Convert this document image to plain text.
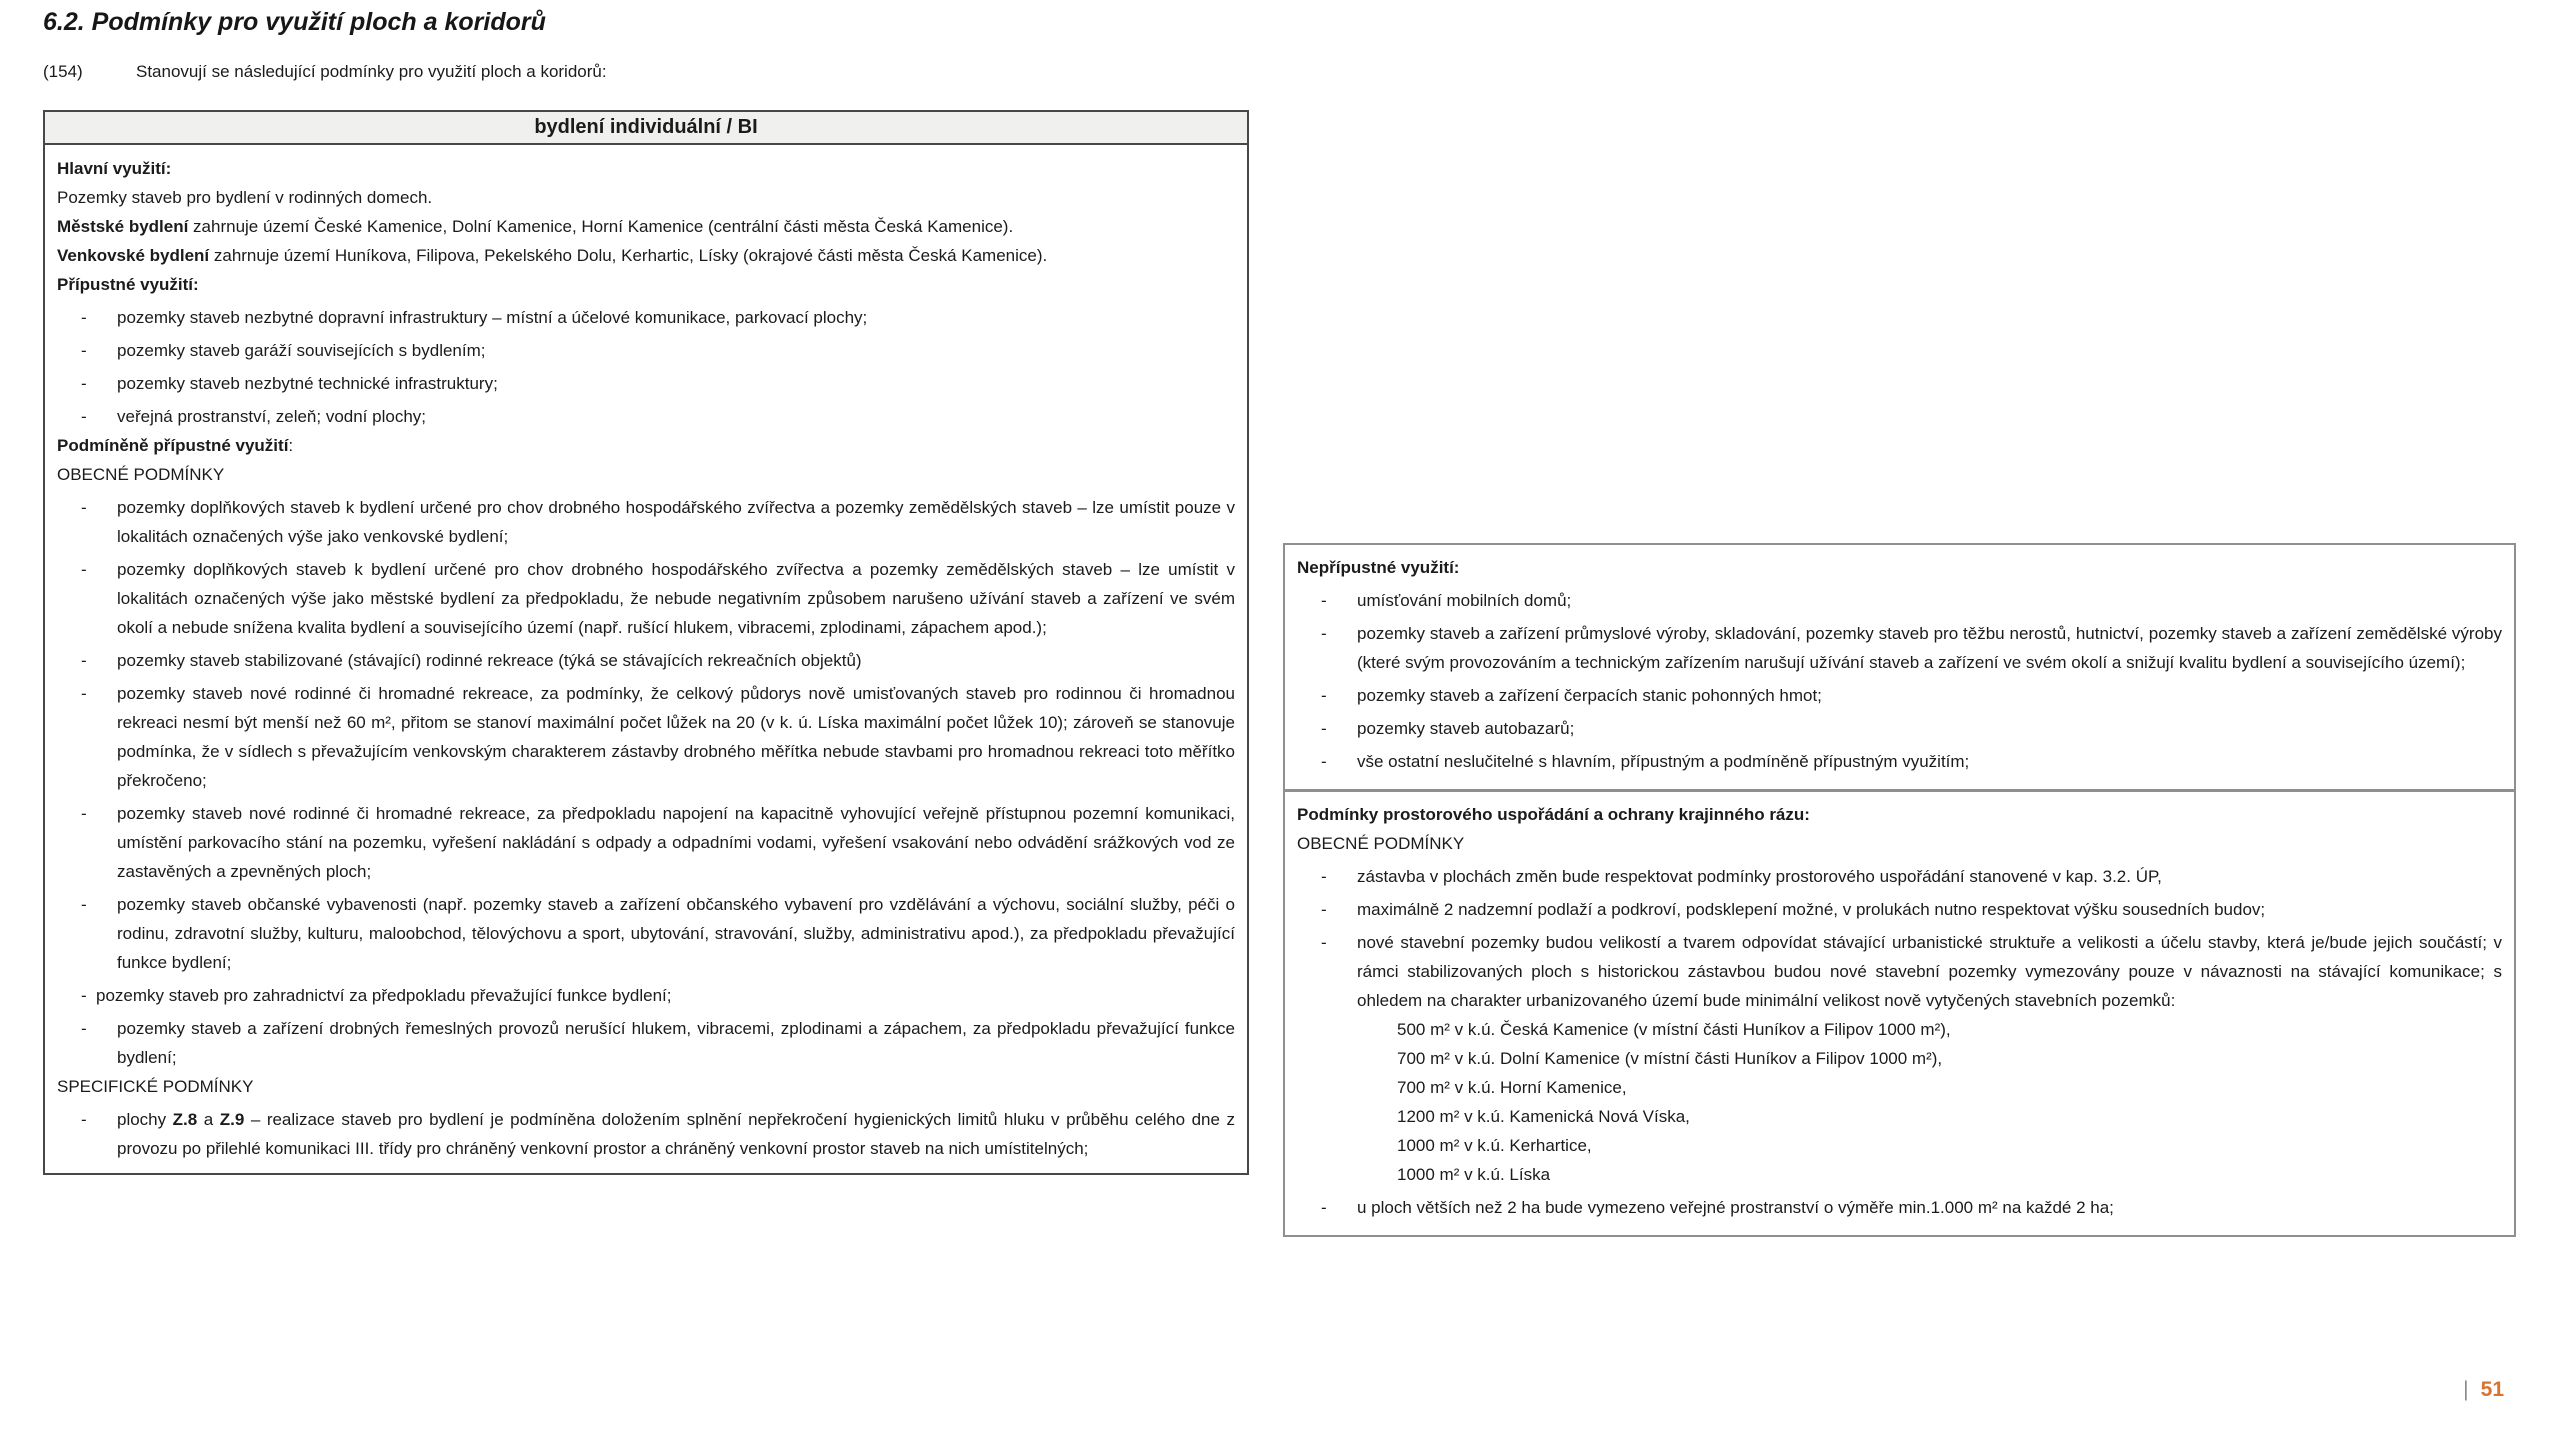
6.2. Podmínky pro využití ploch a koridorů
(154)	Stanovují se následující podmínky pro využití ploch a koridorů:
bydlení individuální / BI

Hlavní využití:

Pozemky staveb pro bydlení v rodinných domech.

Městské bydlení zahrnuje území České Kamenice, Dolní Kamenice, Horní Kamenice (centrální části města Česká Kamenice).

Venkovské bydlení zahrnuje území Huníkova, Filipova, Pekelského Dolu, Kerhartic, Lísky (okrajové části města Česká Kamenice).

Přípustné využití:

-	pozemky staveb nezbytné dopravní infrastruktury – místní a účelové komunikace, parkovací plochy;
-	pozemky staveb garáží souvisejících s bydlením;
-	pozemky staveb nezbytné technické infrastruktury;
-	veřejná prostranství, zeleň; vodní plochy;

Podmíněně přípustné využití:

OBECNÉ PODMÍNKY

-	pozemky doplňkových staveb k bydlení určené pro chov drobného hospodářského zvířectva a pozemky zemědělských staveb – lze umístit pouze v lokalitách označených výše jako venkovské bydlení;
-	pozemky doplňkových staveb k bydlení určené pro chov drobného hospodářského zvířectva a pozemky zemědělských staveb – lze umístit v lokalitách označených výše jako městské bydlení za předpokladu, že nebude negativním způsobem narušeno užívání staveb a zařízení ve svém okolí a nebude snížena kvalita bydlení a souvisejícího území (např. rušící hlukem, vibracemi, zplodinami, zápachem apod.);
-	pozemky staveb stabilizované (stávající) rodinné rekreace (týká se stávajících rekreačních objektů)
-	pozemky staveb nové rodinné či hromadné rekreace, za podmínky, že celkový půdorys nově umisťovaných staveb pro rodinnou či hromadnou rekreaci nesmí být menší než 60 m², přitom se stanoví maximální počet lůžek na 20 (v k. ú. Líska maximální počet lůžek 10); zároveň se stanovuje podmínka, že v sídlech s převažujícím venkovským charakterem zástavby drobného měřítka nebude stavbami pro hromadnou rekreaci toto měřítko překročeno;
-	pozemky staveb nové rodinné či hromadné rekreace, za předpokladu napojení na kapacitně vyhovující veřejně přístupnou pozemní komunikaci, umístění parkovacího stání na pozemku, vyřešení nakládání s odpady a odpadními vodami, vyřešení vsakování nebo odvádění srážkových vod ze zastavěných a zpevněných ploch;
-	pozemky staveb občanské vybavenosti (např. pozemky staveb a zařízení občanského vybavení pro vzdělávání a výchovu, sociální služby, péči o rodinu, zdravotní služby, kulturu, maloobchod, tělovýchovu a sport, ubytování, stravování, služby, administrativu apod.), za předpokladu převažující funkce bydlení;
- pozemky staveb pro zahradnictví za předpokladu převažující funkce bydlení;
-	pozemky staveb a zařízení drobných řemeslných provozů nerušící hlukem, vibracemi, zplodinami a zápachem, za předpokladu převažující funkce bydlení;

SPECIFICKÉ PODMÍNKY

-	plochy Z.8 a Z.9 – realizace staveb pro bydlení je podmíněna doložením splnění nepřekročení hygienických limitů hluku v průběhu celého dne z provozu po přilehlé komunikaci III. třídy pro chráněný venkovní prostor a chráněný venkovní prostor staveb na nich umístitelných;

Nepřípustné využití:

-	umísťování mobilních domů;
-	pozemky staveb a zařízení průmyslové výroby, skladování, pozemky staveb pro těžbu nerostů, hutnictví, pozemky staveb a zařízení zemědělské výroby (které svým provozováním a technickým zařízením narušují užívání staveb a zařízení ve svém okolí a snižují kvalitu bydlení a souvisejícího území);
-	pozemky staveb a zařízení čerpacích stanic pohonných hmot;
-	pozemky staveb autobazarů;
-	vše ostatní neslučitelné s hlavním, přípustným a podmíněně přípustným využitím;

Podmínky prostorového uspořádání a ochrany krajinného rázu:

OBECNÉ PODMÍNKY

-	zástavba v plochách změn bude respektovat podmínky prostorového uspořádání stanovené v kap. 3.2. ÚP,
-	maximálně 2 nadzemní podlaží a podkroví, podsklepení možné, v prolukách nutno respektovat výšku sousedních budov;
-	nové stavební pozemky budou velikostí a tvarem odpovídat stávající urbanistické struktuře a velikosti a účelu stavby, která je/bude jejich součástí; v rámci stabilizovaných ploch s historickou zástavbou budou nové stavební pozemky vymezovány pouze v návaznosti na stávající komunikace; s ohledem na charakter urbanizovaného území bude minimální velikost nově vytyčených stavebních pozemků:
500 m² v k.ú. Česká Kamenice (v místní části Huníkov a Filipov 1000 m²),
700 m² v k.ú. Dolní Kamenice (v místní části Huníkov a Filipov 1000 m²),
700 m² v k.ú. Horní Kamenice,
1200 m² v k.ú. Kamenická Nová Víska,
1000 m² v k.ú. Kerhartice,
1000 m² v k.ú. Líska
-	u ploch větších než 2 ha bude vymezeno veřejné prostranství o výměře min.1.000 m² na každé 2 ha;
| 51
